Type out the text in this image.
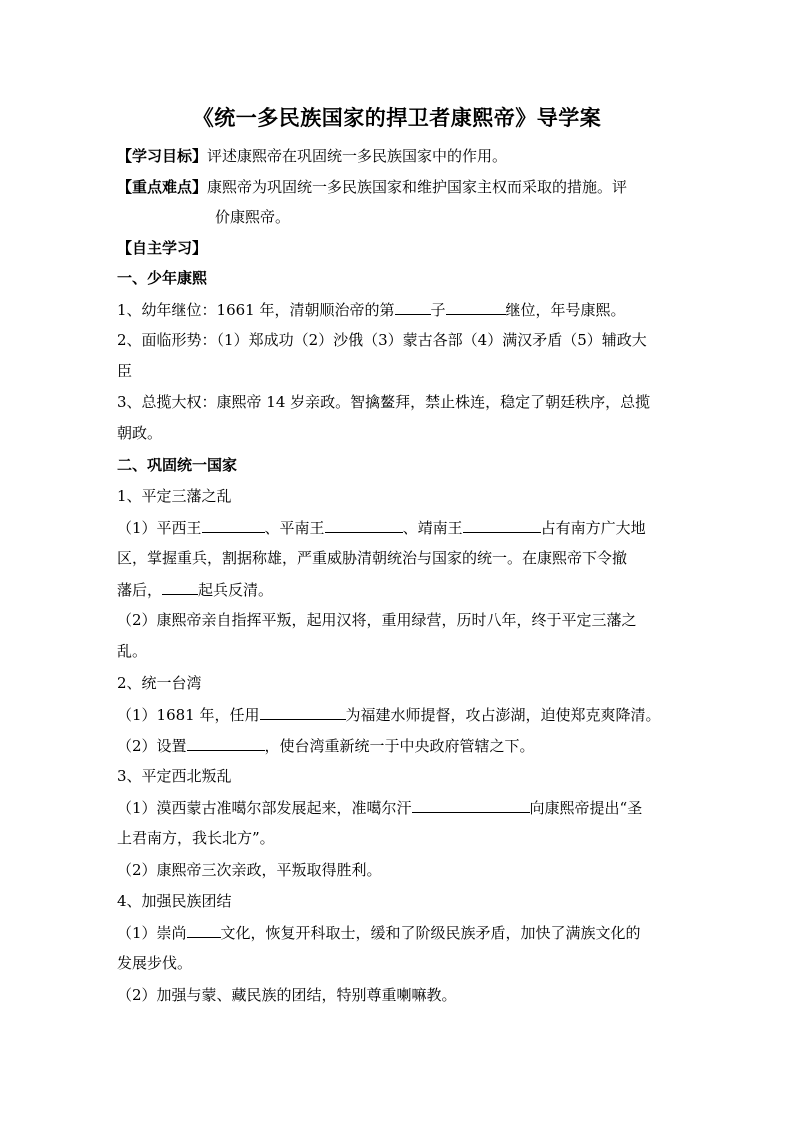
《统一多民族国家的捍卫者康熙帝》导学案
【学习目标】评述康熙帝在巩固统一多民族国家中的作用。
【重点难点】康熙帝为巩固统一多民族国家和维护国家主权而采取的措施。评
价康熙帝。
【自主学习】
一、少年康熙
1、幼年继位：1661 年，清朝顺治帝的第 子	继位，年号康熙。
2、面临形势：（1）郑成功（2）沙俄（3）蒙古各部（4）满汉矛盾（5）辅政大
臣
3、总揽大权：康熙帝 14 岁亲政。智擒鳌拜，禁止株连，稳定了朝廷秩序，总揽
朝政。
二、巩固统一国家
1、平定三藩之乱
（1）平西王	、平南王	、靖南王	占有南方广大地
区，掌握重兵，割据称雄，严重威胁清朝统治与国家的统一。在康熙帝下令撤
藩后， 起兵反清。
（2）康熙帝亲自指挥平叛，起用汉将，重用绿营，历时八年，终于平定三藩之
乱。
2、统一台湾
（1）1681 年，任用	为福建水师提督，攻占澎湖，迫使郑克爽降清。
（2）设置	，使台湾重新统一于中央政府管辖之下。
3、平定西北叛乱
（1）漠西蒙古准噶尔部发展起来，准噶尔汗	向康熙帝提出“圣
上君南方，我长北方”。
（2）康熙帝三次亲政，平叛取得胜利。
4、加强民族团结
（1）崇尚 文化，恢复开科取士，缓和了阶级民族矛盾，加快了满族文化的
发展步伐。
（2）加强与蒙、藏民族的团结，特别尊重喇嘛教。
